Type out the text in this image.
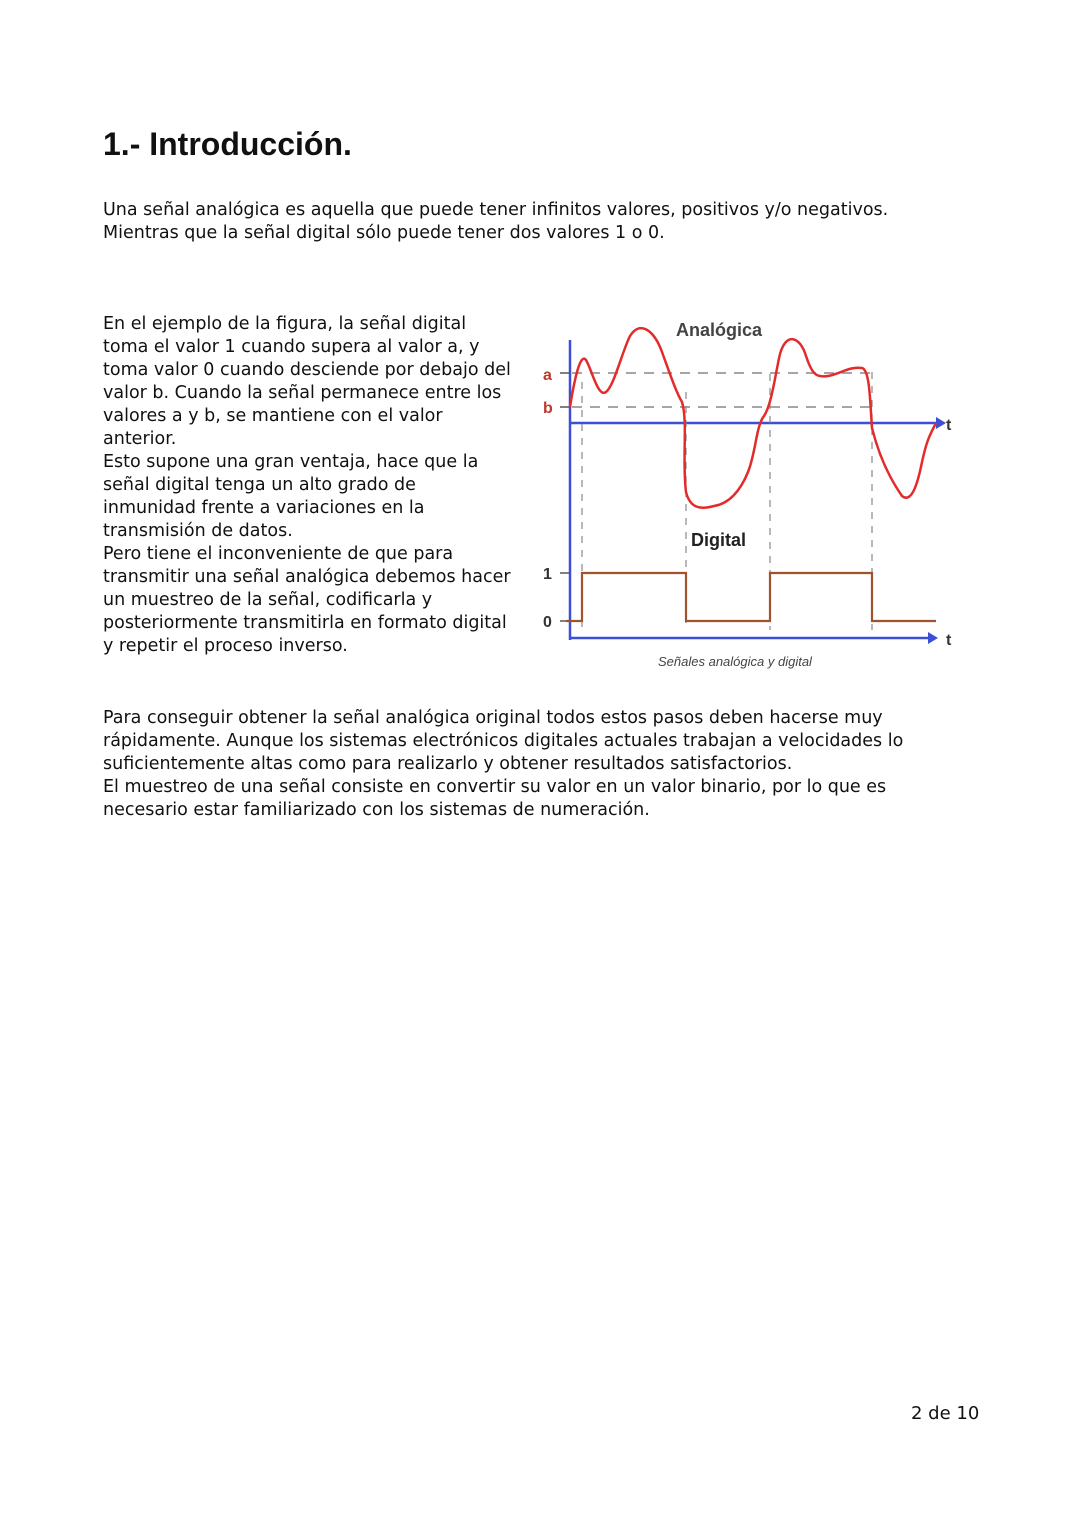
1.- Introducción.

Una señal analógica es aquella que puede tener infinitos valores, positivos y/o negativos.
Mientras que la señal digital sólo puede tener dos valores 1 o 0.

En el ejemplo de la figura, la señal digital
toma el valor 1 cuando supera al valor a, y
toma valor 0 cuando desciende por debajo del
valor b. Cuando la señal permanece entre los
valores a y b, se mantiene con el valor
anterior.
Esto supone una gran ventaja, hace que la
señal digital tenga un alto grado de
inmunidad frente a variaciones en la
transmisión de datos.
Pero tiene el inconveniente de que para
transmitir una señal analógica debemos hacer
un muestreo de la señal, codificarla y
posteriormente transmitirla en formato digital
y repetir el proceso inverso.

Analógica
Digital
a
b
1
0
t
t
Señales analógica y digital

Para conseguir obtener la señal analógica original todos estos pasos deben hacerse muy
rápidamente. Aunque los sistemas electrónicos digitales actuales trabajan a velocidades lo
suficientemente altas como para realizarlo y obtener resultados satisfactorios.
El muestreo de una señal consiste en convertir su valor en un valor binario, por lo que es
necesario estar familiarizado con los sistemas de numeración.

2 de 10
